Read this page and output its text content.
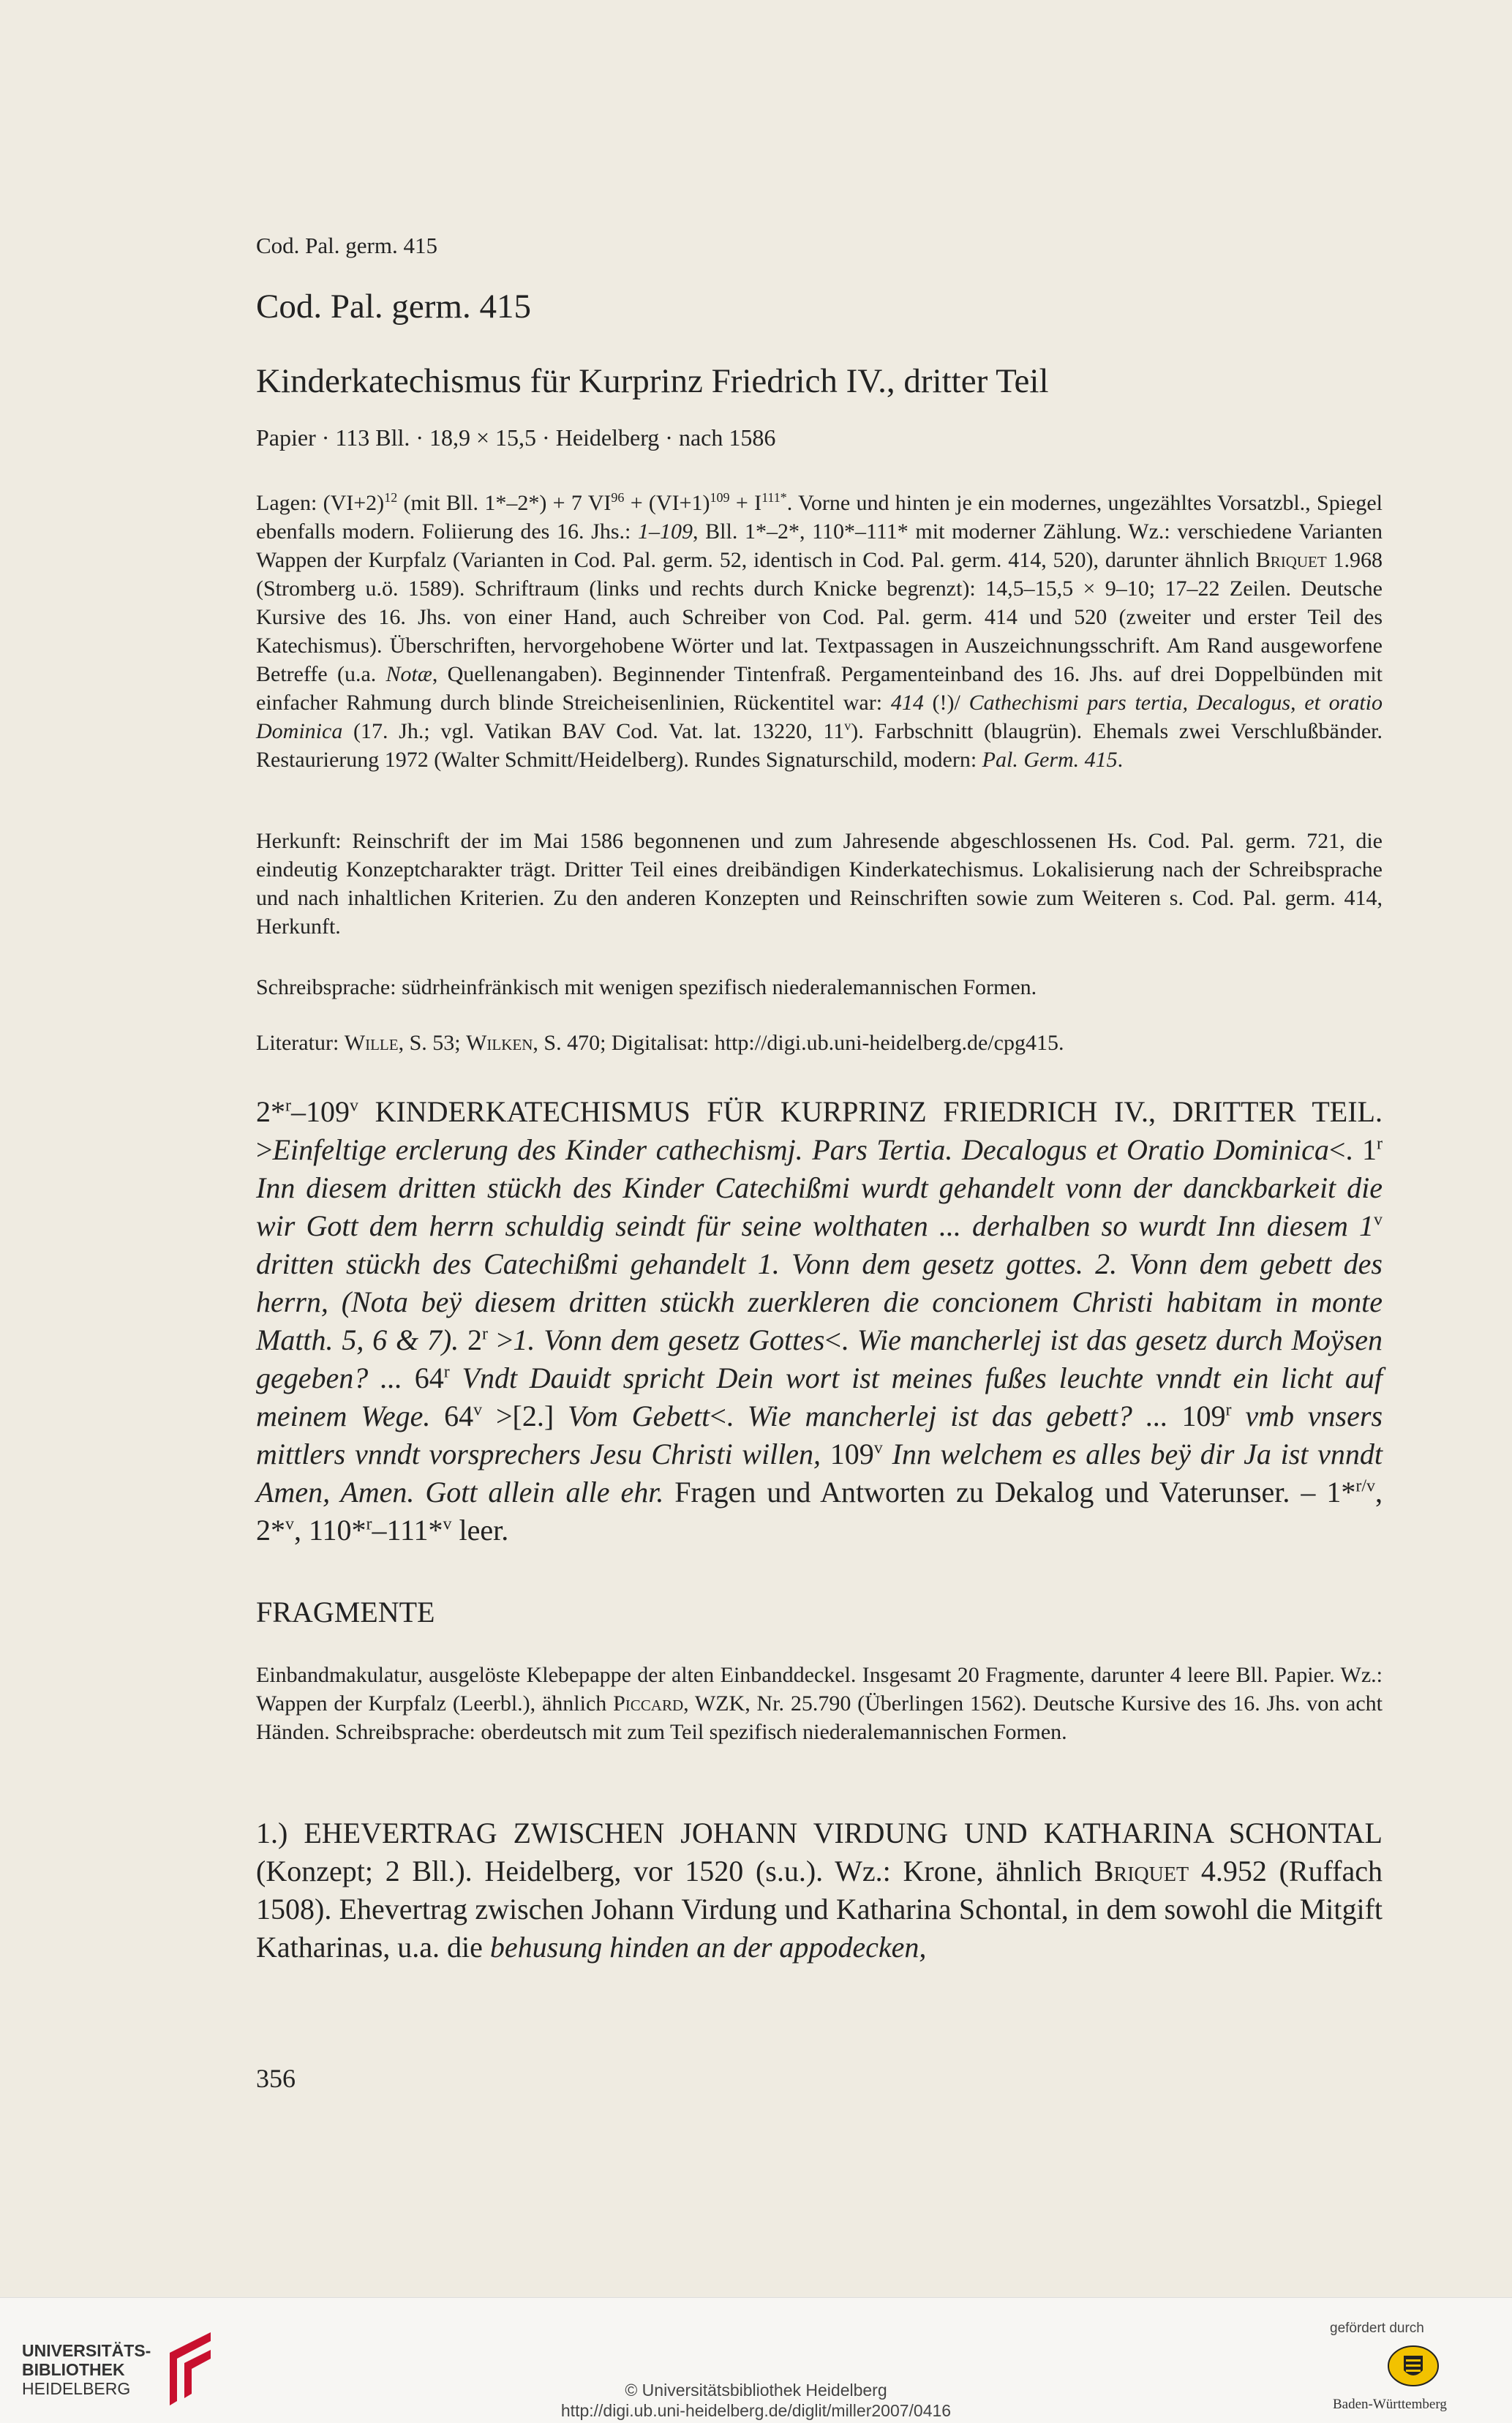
Cod. Pal. germ. 415
Cod. Pal. germ. 415
Kinderkatechismus für Kurprinz Friedrich IV., dritter Teil
Papier · 113 Bll. · 18,9 × 15,5 · Heidelberg · nach 1586
Lagen: $(VI+2)^{12}$ (mit Bll. 1*–2*) + 7 $VI^{96} + (VI+1)^{109} + I^{111*}$. Vorne und hinten je ein modernes, ungezähltes Vorsatzbl., Spiegel ebenfalls modern. Foliierung des 16. Jhs.: 1–109, Bll. 1*–2*, 110*–111* mit moderner Zählung. Wz.: verschiedene Varianten Wappen der Kurpfalz (Varianten in Cod. Pal. germ. 52, identisch in Cod. Pal. germ. 414, 520), darunter ähnlich Briquet 1.968 (Stromberg u.ö. 1589). Schriftraum (links und rechts durch Knicke begrenzt): 14,5–15,5 × 9–10; 17–22 Zeilen. Deutsche Kursive des 16. Jhs. von einer Hand, auch Schreiber von Cod. Pal. germ. 414 und 520 (zweiter und erster Teil des Katechismus). Überschriften, hervorgehobene Wörter und lat. Textpassagen in Auszeichnungsschrift. Am Rand ausgeworfene Betreffe (u.a. Notæ, Quellenangaben). Beginnender Tintenfraß. Pergamenteinband des 16. Jhs. auf drei Doppelbünden mit einfacher Rahmung durch blinde Streicheisenlinien, Rückentitel war: 414 (!)/ Cathechismi pars tertia, Decalogus, et oratio Dominica (17. Jh.; vgl. Vatikan BAV Cod. Vat. lat. 13220, 11$^v$). Farbschnitt (blaugrün). Ehemals zwei Verschlußbänder. Restaurierung 1972 (Walter Schmitt/Heidelberg). Rundes Signaturschild, modern: Pal. Germ. 415.
Herkunft: Reinschrift der im Mai 1586 begonnenen und zum Jahresende abgeschlossenen Hs. Cod. Pal. germ. 721, die eindeutig Konzeptcharakter trägt. Dritter Teil eines dreibändigen Kinderkatechismus. Lokalisierung nach der Schreibsprache und nach inhaltlichen Kriterien. Zu den anderen Konzepten und Reinschriften sowie zum Weiteren s. Cod. Pal. germ. 414, Herkunft.
Schreibsprache: südrheinfränkisch mit wenigen spezifisch niederalemannischen Formen.
Literatur: Wille, S. 53; Wilken, S. 470; Digitalisat: http://digi.ub.uni-heidelberg.de/cpg415.
2*$^r$–109$^v$ KINDERKATECHISMUS FÜR KURPRINZ FRIEDRICH IV., DRITTER TEIL. >Einfeltige erclerung des Kinder cathechismj. Pars Tertia. Decalogus et Oratio Dominica<. 1$^r$ Inn diesem dritten stückh des Kinder Catechißmi wurdt gehandelt vonn der danckbarkeit die wir Gott dem herrn schuldig seindt für seine wolthaten ... derhalben so wurdt Inn diesem 1$^v$ dritten stückh des Catechißmi gehandelt 1. Vonn dem gesetz gottes. 2. Vonn dem gebett des herrn, (Nota beÿ diesem dritten stückh zuerkleren die concionem Christi habitam in monte Matth. 5, 6 & 7). $2^r >1$. Vonn dem gesetz Gottes<. Wie mancherlej ist das gesetz durch Moÿsen gegeben? ... 64$^r$ Vndt Dauidt spricht Dein wort ist meines fußes leuchte vnndt ein licht auf meinem Wege. $64^v >[2.]$ Vom Gebett<. Wie mancherlej ist das gebett? ... 109$^r$ vmb vnsers mittlers vnndt vorsprechers Jesu Christi willen, 109$^v$ Inn welchem es alles beÿ dir Ja ist vnndt Amen, Amen. Gott allein alle ehr. Fragen und Antworten zu Dekalog und Vaterunser. – 1*$^{r/v}$, 2*$^v$, 110*$^r$–111*$^v$ leer.
FRAGMENTE
Einbandmakulatur, ausgelöste Klebepappe der alten Einbanddeckel. Insgesamt 20 Fragmente, darunter 4 leere Bll. Papier. Wz.: Wappen der Kurpfalz (Leerbl.), ähnlich Piccard, WZK, Nr. 25.790 (Überlingen 1562). Deutsche Kursive des 16. Jhs. von acht Händen. Schreibsprache: oberdeutsch mit zum Teil spezifisch niederalemannischen Formen.
1.) EHEVERTRAG ZWISCHEN JOHANN VIRDUNG UND KATHARINA SCHONTAL (Konzept; 2 Bll.). Heidelberg, vor 1520 (s.u.). Wz.: Krone, ähnlich Briquet 4.952 (Ruffach 1508). Ehevertrag zwischen Johann Virdung und Katharina Schontal, in dem sowohl die Mitgift Katharinas, u.a. die behusung hinden an der appodecken,
356
UNIVERSITÄTS-
BIBLIOTHEK
HEIDELBERG	© Universitätsbibliothek Heidelberg
http://digi.ub.uni-heidelberg.de/diglit/miller2007/0416
gefördert durch
Baden-Württemberg
